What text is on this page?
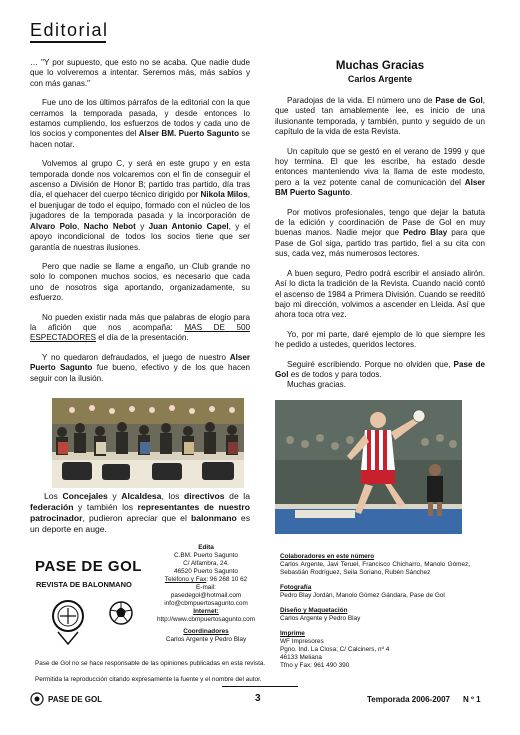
Editorial

… "Y por supuesto, que esto no se acaba. Que nadie dude que lo volveremos a intentar. Seremos más, más sabios y con más ganas."

Fue uno de los últimos párrafos de la editorial con la que cerramos la temporada pasada, y desde entonces lo estamos cumpliendo, los esfuerzos de todos y cada uno de los socios y componentes del Alser BM. Puerto Sagunto se hacen notar.

Volvemos al grupo C, y será en este grupo y en esta temporada donde nos volcaremos con el fin de conseguir el ascenso a División de Honor B; partido tras partido, día tras día, el quehacer del cuerpo técnico dirigido por Nikola Milos, el buenjugar de todo el equipo, formado con el núcleo de los jugadores de la temporada pasada y la incorporación de Alvaro Polo, Nacho Nebot y Juan Antonio Capel, y el apoyo incondicional de todos los socios tiene que ser garantía de nuestras ilusiones.

Pero que nadie se llame a engaño, un Club grande no solo lo componen muchos socios, es necesario que cada uno de nosotros siga aportando, organizadamente, su esfuerzo.

No pueden existir nada más que palabras de elogio para la afición que nos acompaña: MAS DE 500 ESPECTADORES el día de la presentación.

Y no quedaron defraudados, el juego de nuestro Alser Puerto Sagunto fue bueno, efectivo y de los que hacen seguir con la ilusión.

Los Concejales y Alcaldesa, los directivos de la federación y también los representantes de nuestro patrocinador, pudieron apreciar que el balonmano es un deporte en auge.

Muchas Gracias
Carlos Argente

Paradojas de la vida. El número uno de Pase de Gol, que usted tan amablemente lee, es inicio de una ilusionante temporada, y también, punto y seguido de un capítulo de la vida de esta Revista.

Un capítulo que se gestó en el verano de 1999 y que hoy termina. El que les escribe, ha estado desde entonces manteniendo viva la llama de este modesto, pero a la vez potente canal de comunicación del Alser BM Puerto Sagunto.

Por motivos profesionales, tengo que dejar la batuta de la edición y coordinación de Pase de Gol en muy buenas manos. Nadie mejor que Pedro Blay para que Pase de Gol siga, partido tras partido, fiel a su cita con sus, cada vez, más numerosos lectores.

A buen seguro, Pedro podrá escribir el ansiado alirón. Así lo dicta la tradición de la Revista. Cuando nació contó el ascenso de 1984 a Primera División. Cuando se reeditó bajo mi dirección, volvimos a ascender en Lleida. Así que ahora toca otra vez.

Yo, por mi parte, daré ejemplo de lo que siempre les he pedido a ustedes, queridos lectores.

Seguiré escribiendo. Porque no olviden que, Pase de Gol es de todos y para todos.

Muchas gracias.

PASE DE GOL
REVISTA DE BALONMANO
Edita
C.BM. Puerto Sagunto
C/ Alfambra, 24.
46520 Puerto Sagunto
Teléfono y Fax: 96 268 10 62
E-mail:
pasedegol@hotmail.com
info@cbmpuertosagunto.com
Internet:
http://www.cbmpuertosagunto.com
Coordinadores
Carlos Argente y Pedro Blay
Colaboradores en este número
Carlos Argente, Javi Teruel, Francisco Chicharro, Manolo Gómez, Sebastián Rodríguez, Seila Soriano, Rubén Sánchez
Fotografía
Pedro Blay Jordán, Manolo Gómez Gándara, Pase de Gol
Diseño y Maquetación
Carlos Argente y Pedro Blay
Imprime
WF Impresores
Pgno. Ind. La Closa; C/ Calciners, nº 4
46133 Meliana
Tfno y Fax: 961 490 390
Pase de Gol no se hace responsable de las opiniones publicadas en esta revista.
Permitida la reproducción citando expresamente la fuente y el nombre del autor.
PASE DE GOL	3	Temporada 2006-2007 N º 1
